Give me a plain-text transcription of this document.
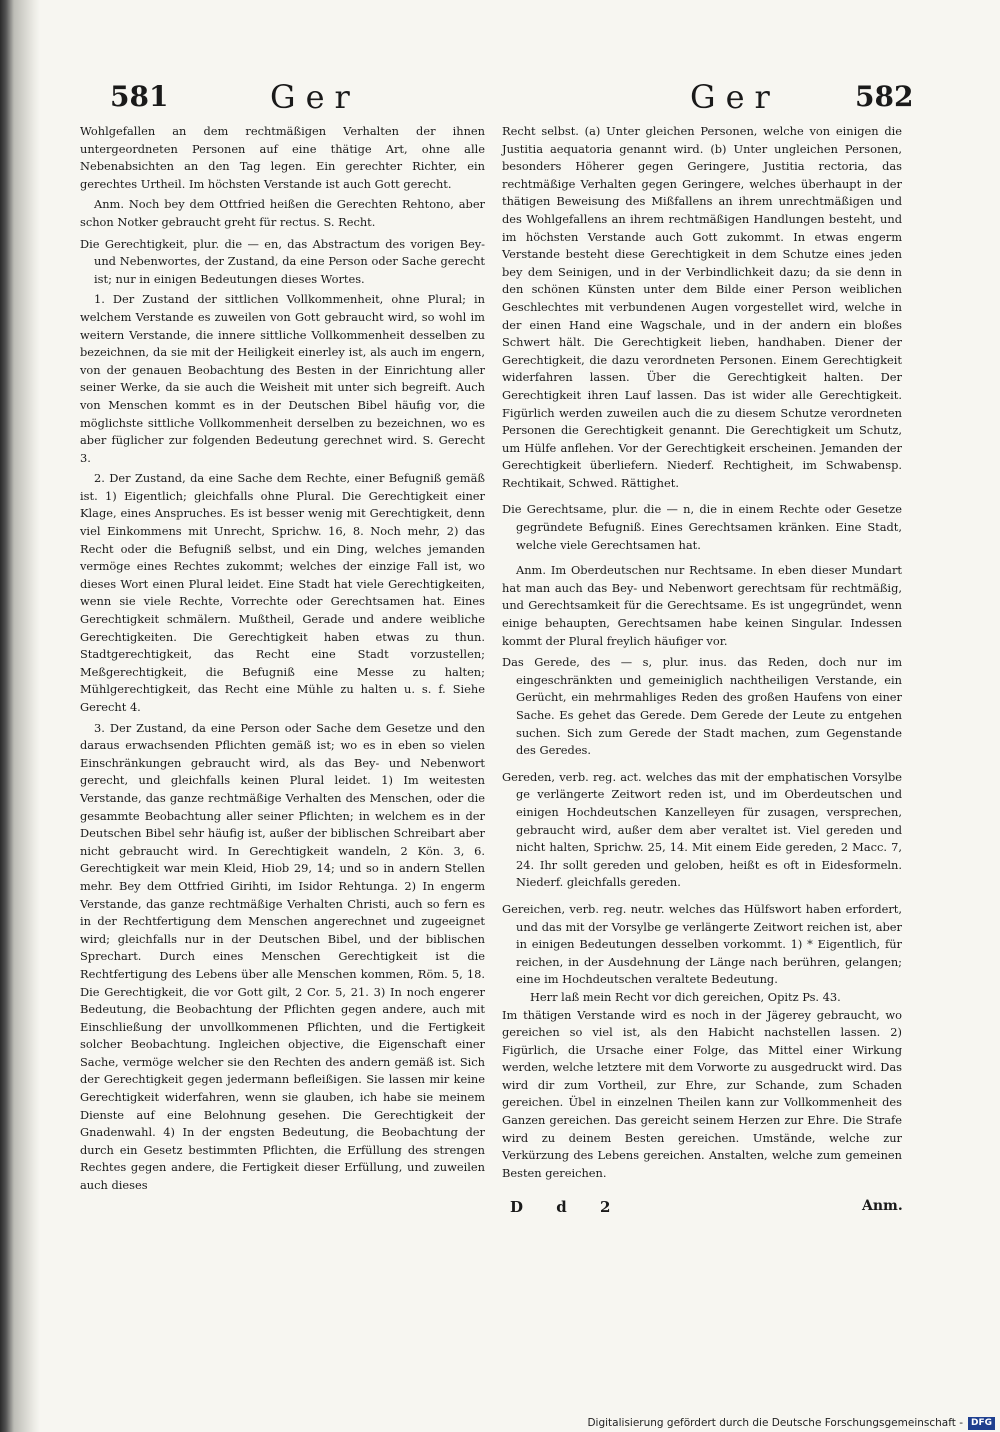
581	Ger	Ger	582

Wohlgefallen an dem rechtmäßigen Verhalten der ihnen untergeordneten Personen auf eine thätige Art, ohne alle Nebenabsichten an den Tag legen. Ein gerechter Richter, ein gerechtes Urtheil. Im höchsten Verstande ist auch Gott gerecht.

Anm. Noch bey dem Ottfried heißen die Gerechten Rehtono, aber schon Notker gebraucht greht für rectus. S. Recht.

Die Gerechtigkeit, plur. die — en, das Abstractum des vorigen Bey- und Nebenwortes, der Zustand, da eine Person oder Sache gerecht ist; nur in einigen Bedeutungen dieses Wortes.

1. Der Zustand der sittlichen Vollkommenheit, ohne Plural; in welchem Verstande es zuweilen von Gott gebraucht wird, so wohl im weitern Verstande, die innere sittliche Vollkommenheit desselben zu bezeichnen, da sie mit der Heiligkeit einerley ist, als auch im engern, von der genauen Beobachtung des Besten in der Einrichtung aller seiner Werke, da sie auch die Weisheit mit unter sich begreift. Auch von Menschen kommt es in der Deutschen Bibel häufig vor, die möglichste sittliche Vollkommenheit derselben zu bezeichnen, wo es aber füglicher zur folgenden Bedeutung gerechnet wird. S. Gerecht 3.

2. Der Zustand, da eine Sache dem Rechte, einer Befugniß gemäß ist. 1) Eigentlich; gleichfalls ohne Plural. Die Gerechtigkeit einer Klage, eines Anspruches. Es ist besser wenig mit Gerechtigkeit, denn viel Einkommens mit Unrecht, Sprichw. 16, 8. Noch mehr, 2) das Recht oder die Befugniß selbst, und ein Ding, welches jemanden vermöge eines Rechtes zukommt; welches der einzige Fall ist, wo dieses Wort einen Plural leidet. Eine Stadt hat viele Gerechtigkeiten, wenn sie viele Rechte, Vorrechte oder Gerechtsamen hat. Eines Gerechtigkeit schmälern. Mußtheil, Gerade und andere weibliche Gerechtigkeiten. Die Gerechtigkeit haben etwas zu thun. Stadtgerechtigkeit, das Recht eine Stadt vorzustellen; Meßgerechtigkeit, die Befugniß eine Messe zu halten; Mühlgerechtigkeit, das Recht eine Mühle zu halten u. s. f. Siehe Gerecht 4.

3. Der Zustand, da eine Person oder Sache dem Gesetze und den daraus erwachsenden Pflichten gemäß ist; wo es in eben so vielen Einschränkungen gebraucht wird, als das Bey- und Nebenwort gerecht, und gleichfalls keinen Plural leidet. 1) Im weitesten Verstande, das ganze rechtmäßige Verhalten des Menschen, oder die gesammte Beobachtung aller seiner Pflichten; in welchem es in der Deutschen Bibel sehr häufig ist, außer der biblischen Schreibart aber nicht gebraucht wird. In Gerechtigkeit wandeln, 2 Kön. 3, 6. Gerechtigkeit war mein Kleid, Hiob 29, 14; und so in andern Stellen mehr. Bey dem Ottfried Girihti, im Isidor Rehtunga. 2) In engerm Verstande, das ganze rechtmäßige Verhalten Christi, auch so fern es in der Rechtfertigung dem Menschen angerechnet und zugeeignet wird; gleichfalls nur in der Deutschen Bibel, und der biblischen Sprechart. Durch eines Menschen Gerechtigkeit ist die Rechtfertigung des Lebens über alle Menschen kommen, Röm. 5, 18. Die Gerechtigkeit, die vor Gott gilt, 2 Cor. 5, 21. 3) In noch engerer Bedeutung, die Beobachtung der Pflichten gegen andere, auch mit Einschließung der unvollkommenen Pflichten, und die Fertigkeit solcher Beobachtung. Ingleichen objective, die Eigenschaft einer Sache, vermöge welcher sie den Rechten des andern gemäß ist. Sich der Gerechtigkeit gegen jedermann befleißigen. Sie lassen mir keine Gerechtigkeit widerfahren, wenn sie glauben, ich habe sie meinem Dienste auf eine Belohnung gesehen. Die Gerechtigkeit der Gnadenwahl. 4) In der engsten Bedeutung, die Beobachtung der durch ein Gesetz bestimmten Pflichten, die Erfüllung des strengen Rechtes gegen andere, die Fertigkeit dieser Erfüllung, und zuweilen auch dieses

Recht selbst. (a) Unter gleichen Personen, welche von einigen die Justitia aequatoria genannt wird. (b) Unter ungleichen Personen, besonders Höherer gegen Geringere, Justitia rectoria, das rechtmäßige Verhalten gegen Geringere, welches überhaupt in der thätigen Beweisung des Mißfallens an ihrem unrechtmäßigen und des Wohlgefallens an ihrem rechtmäßigen Handlungen besteht, und im höchsten Verstande auch Gott zukommt. In etwas engerm Verstande besteht diese Gerechtigkeit in dem Schutze eines jeden bey dem Seinigen, und in der Verbindlichkeit dazu; da sie denn in den schönen Künsten unter dem Bilde einer Person weiblichen Geschlechtes mit verbundenen Augen vorgestellet wird, welche in der einen Hand eine Wagschale, und in der andern ein bloßes Schwert hält. Die Gerechtigkeit lieben, handhaben. Diener der Gerechtigkeit, die dazu verordneten Personen. Einem Gerechtigkeit widerfahren lassen. Über die Gerechtigkeit halten. Der Gerechtigkeit ihren Lauf lassen. Das ist wider alle Gerechtigkeit. Figürlich werden zuweilen auch die zu diesem Schutze verordneten Personen die Gerechtigkeit genannt. Die Gerechtigkeit um Schutz, um Hülfe anflehen. Vor der Gerechtigkeit erscheinen. Jemanden der Gerechtigkeit überliefern. Niederf. Rechtigheit, im Schwabensp. Rechtikait, Schwed. Rättighet.

Die Gerechtsame, plur. die — n, die in einem Rechte oder Gesetze gegründete Befugniß. Eines Gerechtsamen kränken. Eine Stadt, welche viele Gerechtsamen hat.

Anm. Im Oberdeutschen nur Rechtsame. In eben dieser Mundart hat man auch das Bey- und Nebenwort gerechtsam für rechtmäßig, und Gerechtsamkeit für die Gerechtsame. Es ist ungegründet, wenn einige behaupten, Gerechtsamen habe keinen Singular. Indessen kommt der Plural freylich häufiger vor.

Das Gerede, des — s, plur. inus. das Reden, doch nur im eingeschränkten und gemeiniglich nachtheiligen Verstande, ein Gerücht, ein mehrmahliges Reden des großen Haufens von einer Sache. Es gehet das Gerede. Dem Gerede der Leute zu entgehen suchen. Sich zum Gerede der Stadt machen, zum Gegenstande des Geredes.

Gereden, verb. reg. act. welches das mit der emphatischen Vorsylbe ge verlängerte Zeitwort reden ist, und im Oberdeutschen und einigen Hochdeutschen Kanzelleyen für zusagen, versprechen, gebraucht wird, außer dem aber veraltet ist. Viel gereden und nicht halten, Sprichw. 25, 14. Mit einem Eide gereden, 2 Macc. 7, 24. Ihr sollt gereden und geloben, heißt es oft in Eidesformeln. Niederf. gleichfalls gereden.

Gereichen, verb. reg. neutr. welches das Hülfswort haben erfordert, und das mit der Vorsylbe ge verlängerte Zeitwort reichen ist, aber in einigen Bedeutungen desselben vorkommt. 1) * Eigentlich, für reichen, in der Ausdehnung der Länge nach berühren, gelangen; eine im Hochdeutschen veraltete Bedeutung.

Herr laß mein Recht vor dich gereichen, Opitz Ps. 43.

Im thätigen Verstande wird es noch in der Jägerey gebraucht, wo gereichen so viel ist, als den Habicht nachstellen lassen. 2) Figürlich, die Ursache einer Folge, das Mittel einer Wirkung werden, welche letztere mit dem Vorworte zu ausgedruckt wird. Das wird dir zum Vortheil, zur Ehre, zur Schande, zum Schaden gereichen. Übel in einzelnen Theilen kann zur Vollkommenheit des Ganzen gereichen. Das gereicht seinem Herzen zur Ehre. Die Strafe wird zu deinem Besten gereichen. Umstände, welche zur Verkürzung des Lebens gereichen. Anstalten, welche zum gemeinen Besten gereichen.

D d 2	Anm.
Digitalisierung gefördert durch die Deutsche Forschungsgemeinschaft - DFG
